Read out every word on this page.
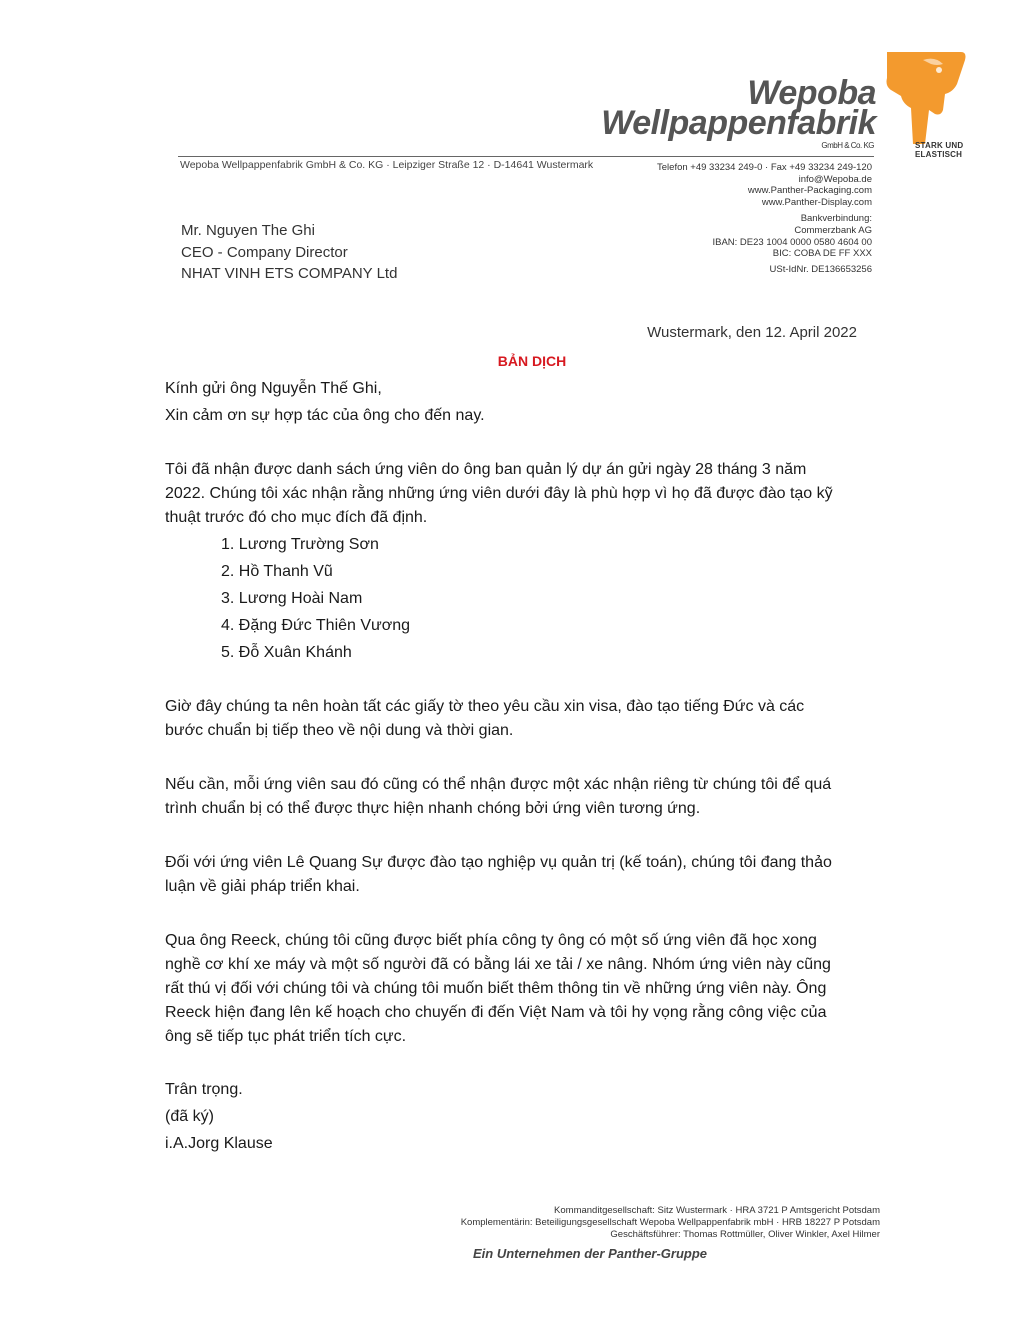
Wepoba
Wellpappenfabrik
GmbH & Co. KG	STARK UND
ELASTISCH
Wepoba Wellpappenfabrik GmbH & Co. KG · Leipziger Straße 12 · D-14641 Wustermark	Telefon +49 33234 249-0 · Fax +49 33234 249-120
info@Wepoba.de
www.Panther-Packaging.com
www.Panther-Display.com
Bankverbindung:
Commerzbank AG
IBAN: DE23 1004 0000 0580 4604 00
BIC: COBA DE FF XXX
USt-IdNr. DE136653256
Mr. Nguyen The Ghi
CEO - Company Director
NHAT VINH ETS COMPANY Ltd
Wustermark, den 12. April 2022
BẢN DỊCH
Kính gửi ông Nguyễn Thế Ghi,
Xin cảm ơn sự hợp tác của ông cho đến nay.
Tôi đã nhận được danh sách ứng viên do ông ban quản lý dự án gửi ngày 28 tháng 3 năm
2022. Chúng tôi xác nhận rằng những ứng viên dưới đây là phù hợp vì họ đã được đào tạo kỹ
thuật trước đó cho mục đích đã định.
1. Lương Trường Sơn
2. Hồ Thanh Vũ
3. Lương Hoài Nam
4. Đặng Đức Thiên Vương
5. Đỗ Xuân Khánh
Giờ đây chúng ta nên hoàn tất các giấy tờ theo yêu cầu xin visa, đào tạo tiếng Đức và các
bước chuẩn bị tiếp theo về nội dung và thời gian.
Nếu cần, mỗi ứng viên sau đó cũng có thể nhận được một xác nhận riêng từ chúng tôi để quá
trình chuẩn bị có thể được thực hiện nhanh chóng bởi ứng viên tương ứng.
Đối với ứng viên Lê Quang Sự được đào tạo nghiệp vụ quản trị (kế toán), chúng tôi đang thảo
luận về giải pháp triển khai.
Qua ông Reeck, chúng tôi cũng được biết phía công ty ông có một số ứng viên đã học xong
nghề cơ khí xe máy và một số người đã có bằng lái xe tải / xe nâng. Nhóm ứng viên này cũng
rất thú vị đối với chúng tôi và chúng tôi muốn biết thêm thông tin về những ứng viên này. Ông
Reeck hiện đang lên kế hoạch cho chuyến đi đến Việt Nam và tôi hy vọng rằng công việc của
ông sẽ tiếp tục phát triển tích cực.
Trân trọng.
(đã ký)
i.A.Jorg Klause
Kommanditgesellschaft: Sitz Wustermark · HRA 3721 P Amtsgericht Potsdam
Komplementärin: Beteiligungsgesellschaft Wepoba Wellpappenfabrik mbH · HRB 18227 P Potsdam
Geschäftsführer: Thomas Rottmüller, Oliver Winkler, Axel Hilmer
Ein Unternehmen der Panther-Gruppe
